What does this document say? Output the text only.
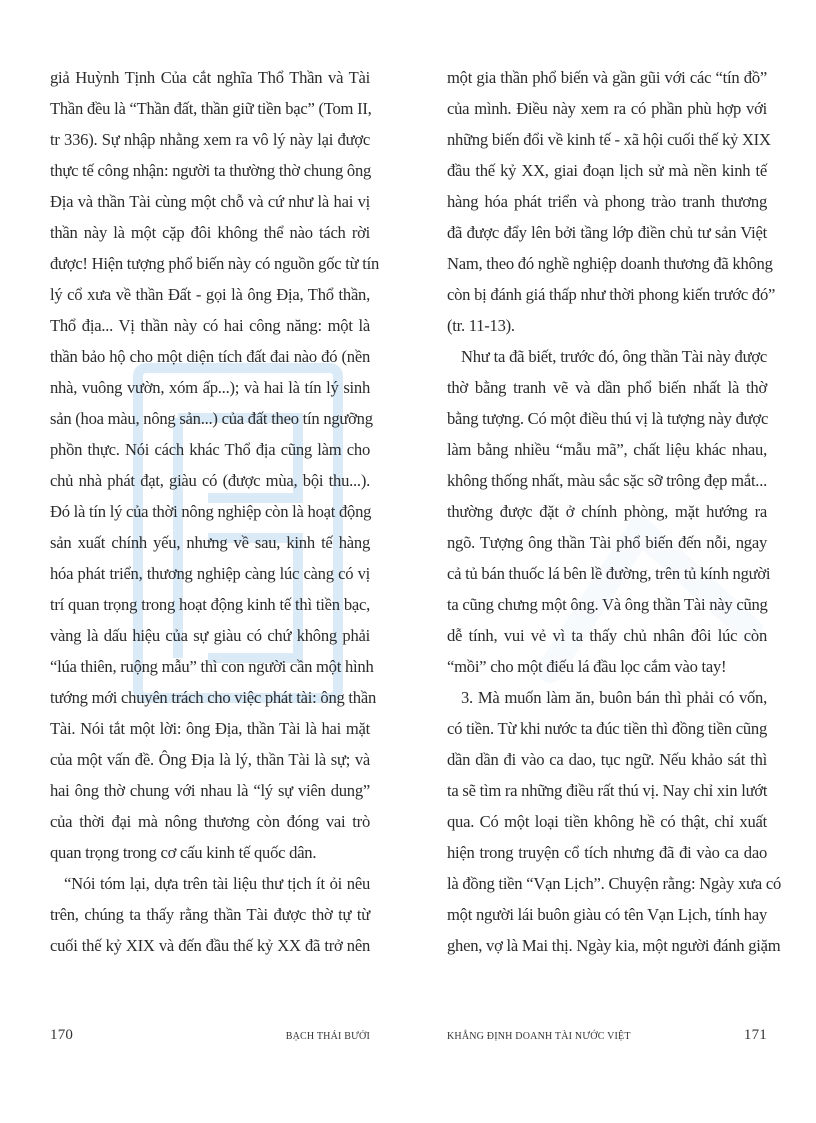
giả Huỳnh Tịnh Của cắt nghĩa Thổ Thần và Tài
Thần đều là “Thần đất, thần giữ tiền bạc” (Tom II,
tr 336). Sự nhập nhằng xem ra vô lý này lại được
thực tế công nhận: người ta thường thờ chung ông
Địa và thần Tài cùng một chỗ và cứ như là hai vị
thần này là một cặp đôi không thể nào tách rời
được! Hiện tượng phổ biến này có nguồn gốc từ tín
lý cổ xưa về thần Đất - gọi là ông Địa, Thổ thần,
Thổ địa... Vị thần này có hai công năng: một là
thần bảo hộ cho một diện tích đất đai nào đó (nền
nhà, vuông vườn, xóm ấp...); và hai là tín lý sinh
sản (hoa màu, nông sản...) của đất theo tín ngưỡng
phồn thực. Nói cách khác Thổ địa cũng làm cho
chủ nhà phát đạt, giàu có (được mùa, bội thu...).
Đó là tín lý của thời nông nghiệp còn là hoạt động
sản xuất chính yếu, nhưng về sau, kinh tế hàng
hóa phát triển, thương nghiệp càng lúc càng có vị
trí quan trọng trong hoạt động kinh tế thì tiền bạc,
vàng là dấu hiệu của sự giàu có chứ không phải
“lúa thiên, ruộng mẫu” thì con người cần một hình
tướng mới chuyên trách cho việc phát tài: ông thần
Tài. Nói tắt một lời: ông Địa, thần Tài là hai mặt
của một vấn đề. Ông Địa là lý, thần Tài là sự; và
hai ông thờ chung với nhau là “lý sự viên dung”
của thời đại mà nông thương còn đóng vai trò
quan trọng trong cơ cấu kinh tế quốc dân.
“Nói tóm lại, dựa trên tài liệu thư tịch ít ỏi nêu
trên, chúng ta thấy rằng thần Tài được thờ tự từ
cuối thế kỷ XIX và đến đầu thế kỷ XX đã trở nên
một gia thần phổ biến và gần gũi với các “tín đồ”
của mình. Điều này xem ra có phần phù hợp với
những biến đổi về kinh tế - xã hội cuối thế kỷ XIX
đầu thế kỷ XX, giai đoạn lịch sử mà nền kinh tế
hàng hóa phát triển và phong trào tranh thương
đã được đẩy lên bởi tầng lớp điền chủ tư sản Việt
Nam, theo đó nghề nghiệp doanh thương đã không
còn bị đánh giá thấp như thời phong kiến trước đó”
(tr. 11-13).
Như ta đã biết, trước đó, ông thần Tài này được
thờ bằng tranh vẽ và dần phổ biến nhất là thờ
bằng tượng. Có một điều thú vị là tượng này được
làm bằng nhiều “mẫu mã”, chất liệu khác nhau,
không thống nhất, màu sắc sặc sỡ trông đẹp mắt...
thường được đặt ở chính phòng, mặt hướng ra
ngõ. Tượng ông thần Tài phổ biến đến nỗi, ngay
cả tủ bán thuốc lá bên lề đường, trên tủ kính người
ta cũng chưng một ông. Và ông thần Tài này cũng
dễ tính, vui vẻ vì ta thấy chủ nhân đôi lúc còn
“mồi” cho một điếu lá đầu lọc cắm vào tay!
3. Mà muốn làm ăn, buôn bán thì phải có vốn,
có tiền. Từ khi nước ta đúc tiền thì đồng tiền cũng
dần dần đi vào ca dao, tục ngữ. Nếu khảo sát thì
ta sẽ tìm ra những điều rất thú vị. Nay chỉ xin lướt
qua. Có một loại tiền không hề có thật, chỉ xuất
hiện trong truyện cổ tích nhưng đã đi vào ca dao
là đồng tiền “Vạn Lịch”. Chuyện rằng: Ngày xưa có
một người lái buôn giàu có tên Vạn Lịch, tính hay
ghen, vợ là Mai thị. Ngày kia, một người đánh giặm
170	BẠCH THÁI BƯỞI	KHẲNG ĐỊNH DOANH TÀI NƯỚC VIỆT	171
